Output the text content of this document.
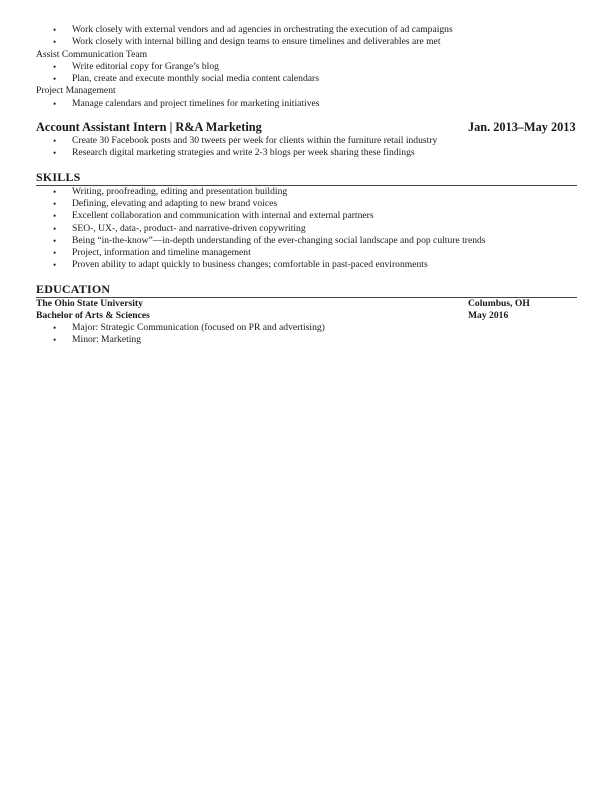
• Work closely with external vendors and ad agencies in orchestrating the execution of ad campaigns
• Work closely with internal billing and design teams to ensure timelines and deliverables are met
Assist Communication Team
• Write editorial copy for Grange’s blog
• Plan, create and execute monthly social media content calendars
Project Management
• Manage calendars and project timelines for marketing initiatives
Account Assistant Intern | R&A Marketing	Jan. 2013–May 2013
• Create 30 Facebook posts and 30 tweets per week for clients within the furniture retail industry
• Research digital marketing strategies and write 2-3 blogs per week sharing these findings
SKILLS
• Writing, proofreading, editing and presentation building
• Defining, elevating and adapting to new brand voices
• Excellent collaboration and communication with internal and external partners
• SEO-, UX-, data-, product- and narrative-driven copywriting
• Being “in-the-know”—in-depth understanding of the ever-changing social landscape and pop culture trends
• Project, information and timeline management
• Proven ability to adapt quickly to business changes; comfortable in past-paced environments
EDUCATION
The Ohio State University	Columbus, OH
Bachelor of Arts & Sciences	May 2016
• Major: Strategic Communication (focused on PR and advertising)
• Minor: Marketing
